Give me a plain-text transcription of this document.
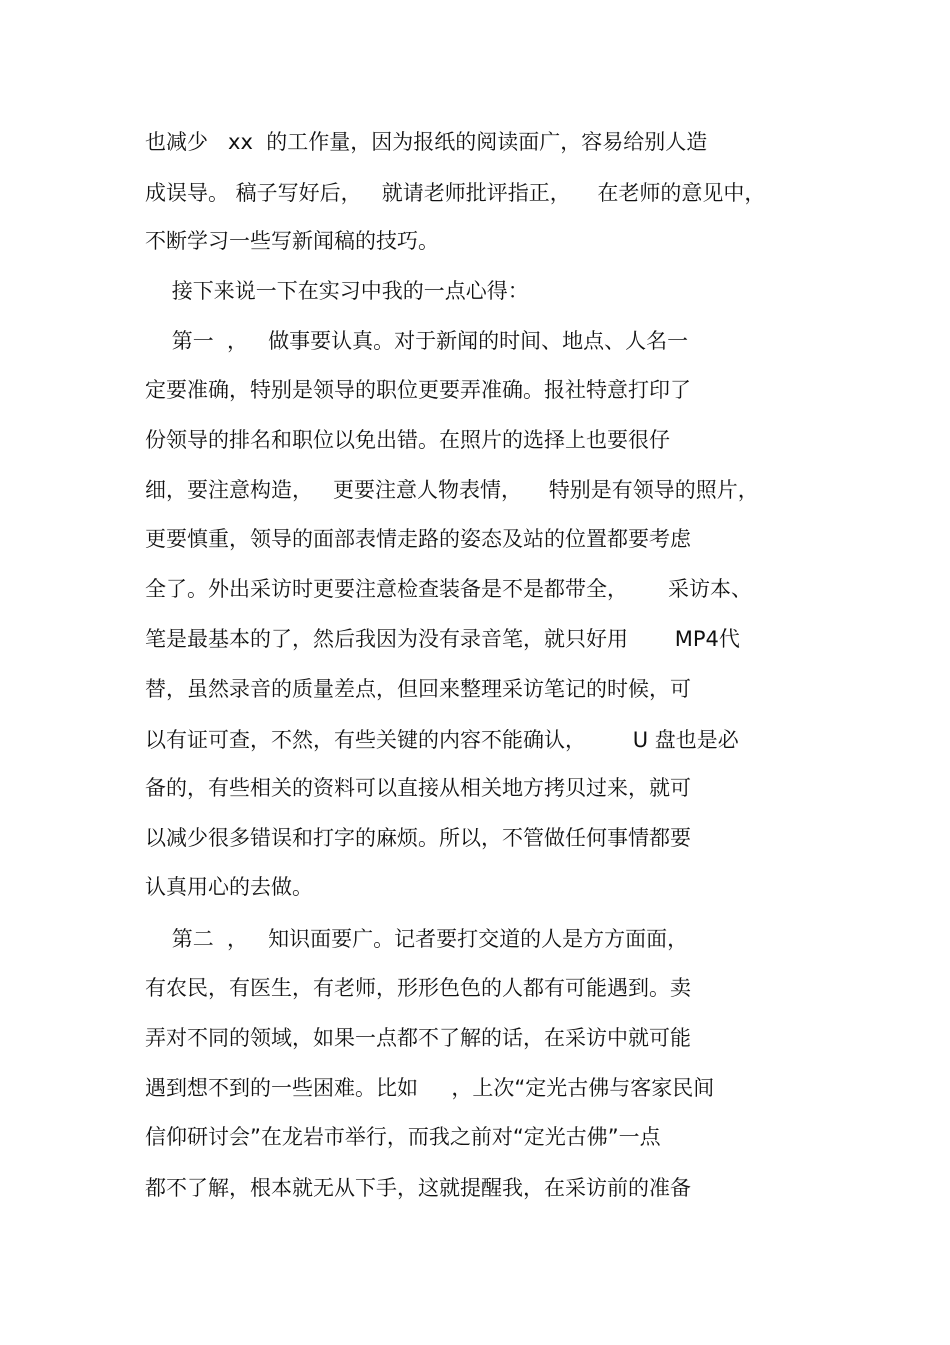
也减少   xx  的工作量，因为报纸的阅读面广，容易给别人造
成误导。 稿子写好后，   就请老师批评指正，    在老师的意见中，
不断学习一些写新闻稿的技巧。
接下来说一下在实习中我的一点心得：
第一  ，   做事要认真。对于新闻的时间、地点、人名一
定要准确，特别是领导的职位更要弄准确。报社特意打印了
份领导的排名和职位以免出错。在照片的选择上也要很仔
细，要注意构造，   更要注意人物表情，    特别是有领导的照片，
更要慎重，领导的面部表情走路的姿态及站的位置都要考虑
全了。外出采访时更要注意检查装备是不是都带全，      采访本、
笔是最基本的了，然后我因为没有录音笔，就只好用       MP4代
替，虽然录音的质量差点，但回来整理采访笔记的时候，可
以有证可查，不然，有些关键的内容不能确认，       U 盘也是必
备的，有些相关的资料可以直接从相关地方拷贝过来，就可
以减少很多错误和打字的麻烦。所以，不管做任何事情都要
认真用心的去做。
第二  ，   知识面要广。记者要打交道的人是方方面面，
有农民，有医生，有老师，形形色色的人都有可能遇到。卖
弄对不同的领域，如果一点都不了解的话，在采访中就可能
遇到想不到的一些困难。比如     ，上次“定光古佛与客家民间
信仰研讨会”在龙岩市举行，而我之前对“定光古佛”一点
都不了解，根本就无从下手，这就提醒我，在采访前的准备
